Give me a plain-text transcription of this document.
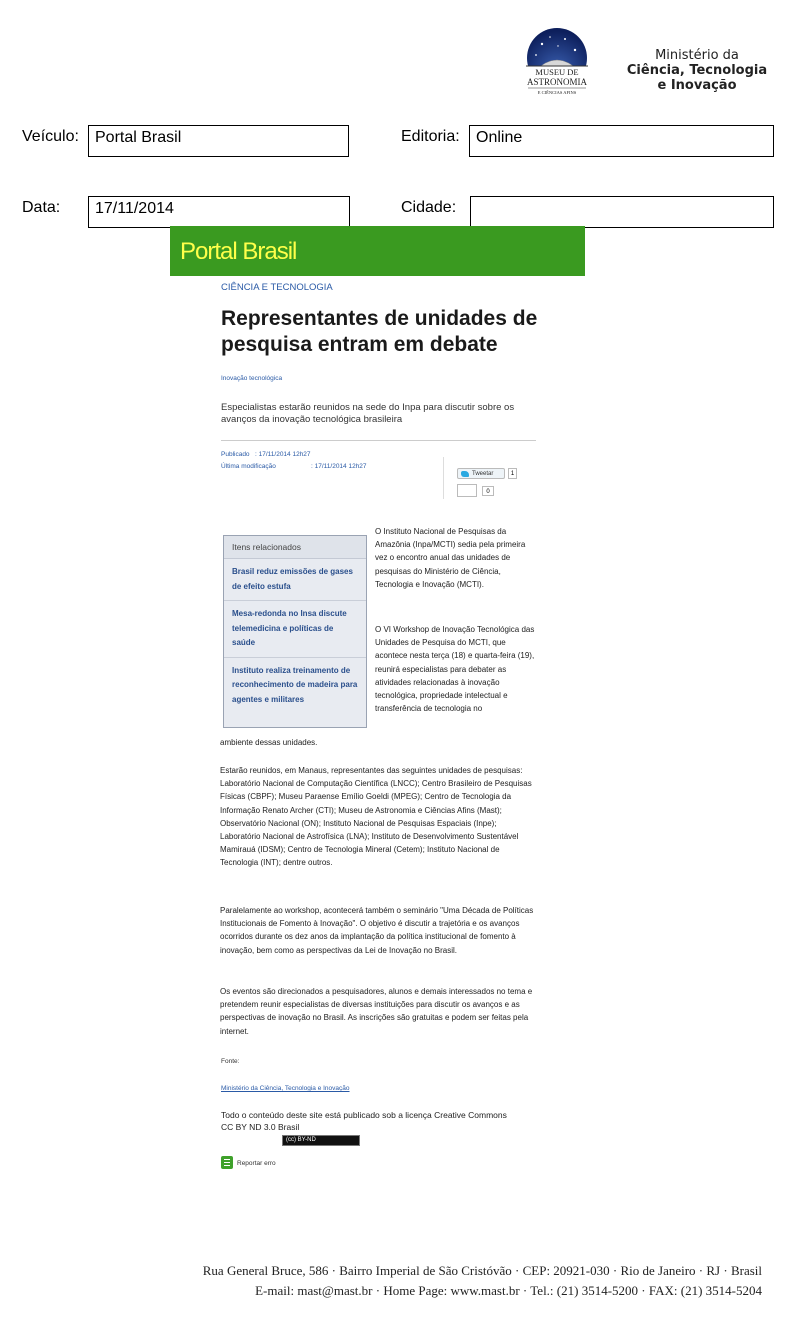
MUSEU DE
ASTRONOMIA
E CIÊNCIAS AFINS
Ministério da
Ciência, Tecnologia
e Inovação
Veículo:	Portal Brasil	Editoria:	Online
Data:	17/11/2014	Cidade:
Portal Brasil
CIÊNCIA E TECNOLOGIA
Representantes de unidades de pesquisa entram em debate
Inovação tecnológica
Especialistas estarão reunidos na sede do Inpa para discutir sobre os avanços da inovação tecnológica brasileira
Publicado : 17/11/2014 12h27
Última modificação	: 17/11/2014 12h27
Tweetar	1
0
Itens relacionados
Brasil reduz emissões de gases de efeito estufa
Mesa-redonda no Insa discute telemedicina e políticas de saúde
Instituto realiza treinamento de reconhecimento de madeira para agentes e militares
O Instituto Nacional de Pesquisas da Amazônia (Inpa/MCTI) sedia pela primeira vez o encontro anual das unidades de pesquisas do Ministério de Ciência, Tecnologia e Inovação (MCTI).
O VI Workshop de Inovação Tecnológica das Unidades de Pesquisa do MCTI, que acontece nesta terça (18) e quarta-feira (19), reunirá especialistas para debater as atividades relacionadas à inovação tecnológica, propriedade intelectual e transferência de tecnologia no
ambiente dessas unidades.
Estarão reunidos, em Manaus, representantes das seguintes unidades de pesquisas: Laboratório Nacional de Computação Científica (LNCC); Centro Brasileiro de Pesquisas Físicas (CBPF); Museu Paraense Emílio Goeldi (MPEG); Centro de Tecnologia da Informação Renato Archer (CTI); Museu de Astronomia e Ciências Afins (Mast); Observatório Nacional (ON); Instituto Nacional de Pesquisas Espaciais (Inpe); Laboratório Nacional de Astrofísica (LNA); Instituto de Desenvolvimento Sustentável Mamirauá (IDSM); Centro de Tecnologia Mineral (Cetem); Instituto Nacional de Tecnologia (INT); dentre outros.
Paralelamente ao workshop, acontecerá também o seminário "Uma Década de Políticas Institucionais de Fomento à Inovação". O objetivo é discutir a trajetória e os avanços ocorridos durante os dez anos da implantação da política institucional de fomento à inovação, bem como as perspectivas da Lei de Inovação no Brasil.
Os eventos são direcionados a pesquisadores, alunos e demais interessados no tema e pretendem reunir especialistas de diversas instituições para discutir os avanços e as perspectivas de inovação no Brasil. As inscrições são gratuitas e podem ser feitas pela internet.
Fonte:
Ministério da Ciência, Tecnologia e Inovação
Todo o conteúdo deste site está publicado sob a licença Creative Commons
CC BY ND 3.0 Brasil
(cc) BY-ND
Reportar erro
Rua General Bruce, 586 · Bairro Imperial de São Cristóvão · CEP: 20921-030 · Rio de Janeiro · RJ · Brasil
E-mail: mast@mast.br · Home Page: www.mast.br · Tel.: (21) 3514-5200 · FAX: (21) 3514-5204
